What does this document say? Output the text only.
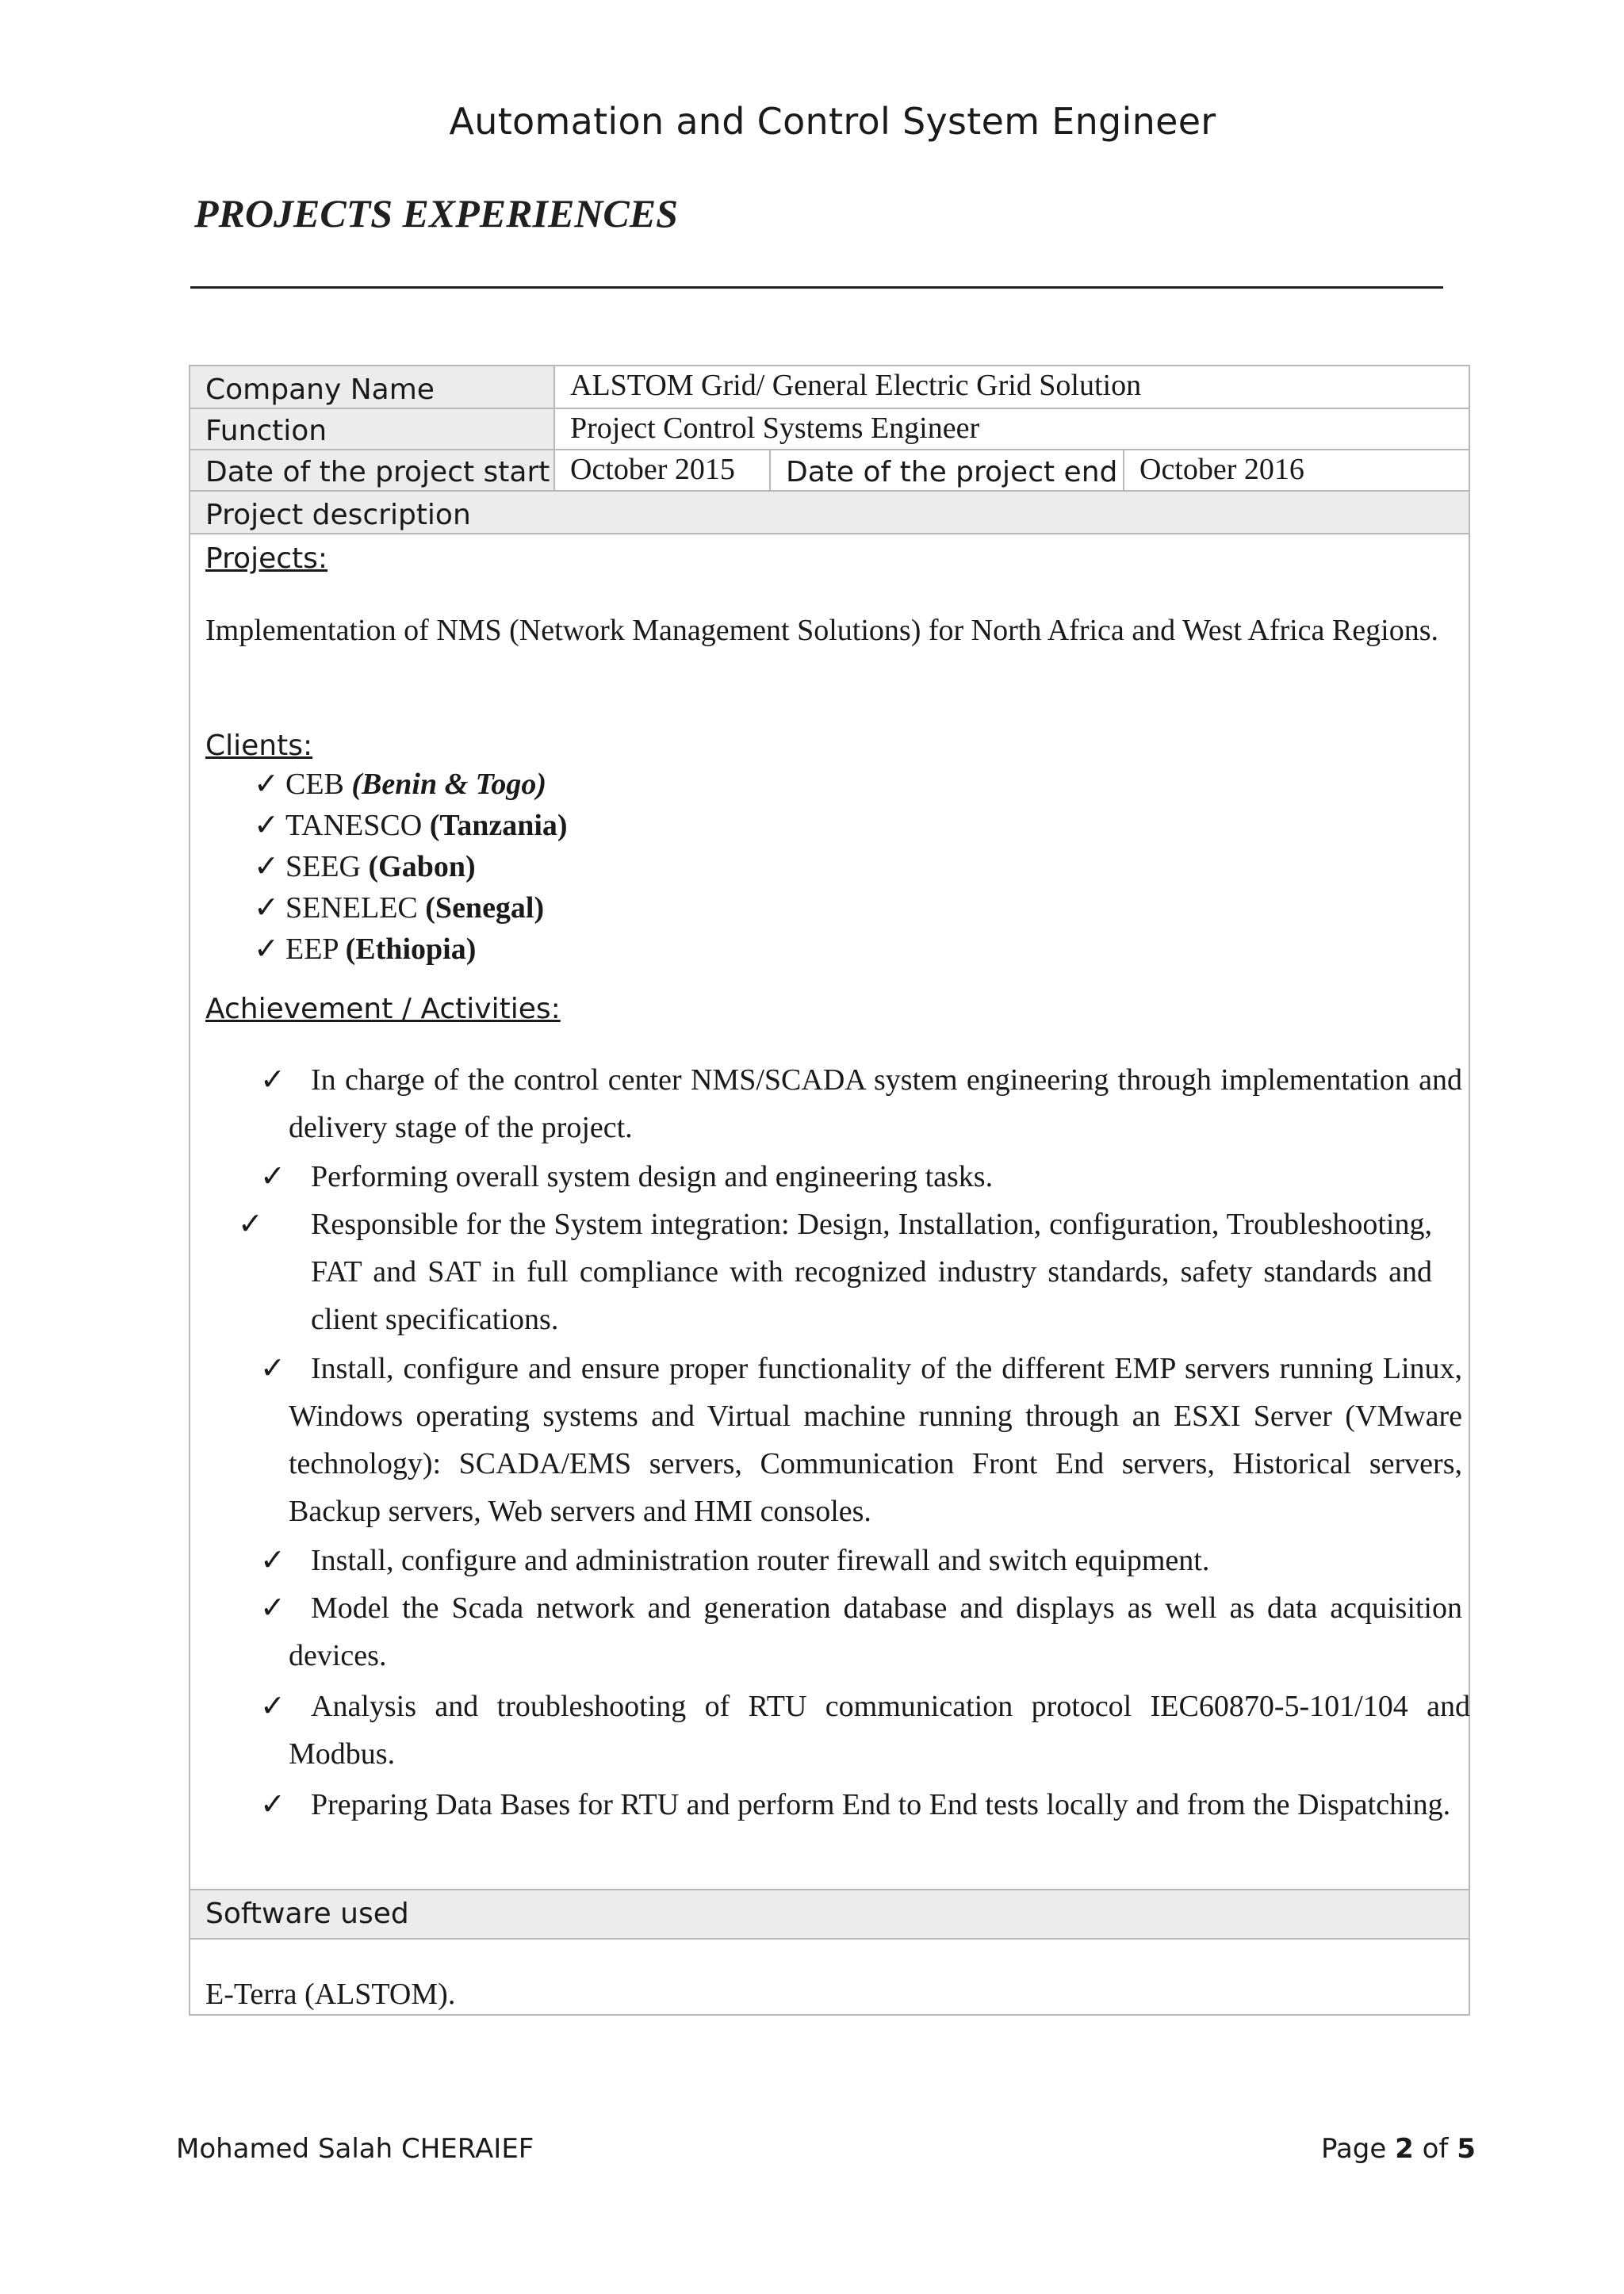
Automation and Control System Engineer
PROJECTS EXPERIENCES
Company Name	ALSTOM Grid/ General Electric Grid Solution
Function	Project Control Systems Engineer
Date of the project start October 2015 Date of the project end October 2016
Project description
Projects:
Implementation of NMS (Network Management Solutions) for North Africa and West Africa Regions.
Clients:
✓ CEB (Benin & Togo)
✓ TANESCO (Tanzania)
✓ SEEG (Gabon)
✓ SENELEC (Senegal)
✓ EEP (Ethiopia)
Achievement / Activities:
✓ In charge of the control center NMS/SCADA system engineering through implementation and delivery stage of the project.
✓ Performing overall system design and engineering tasks.
✓ Responsible for the System integration: Design, Installation, configuration, Troubleshooting, FAT and SAT in full compliance with recognized industry standards, safety standards and client specifications.
✓ Install, configure and ensure proper functionality of the different EMP servers running Linux, Windows operating systems and Virtual machine running through an ESXI Server (VMware technology): SCADA/EMS servers, Communication Front End servers, Historical servers, Backup servers, Web servers and HMI consoles.
✓ Install, configure and administration router firewall and switch equipment.
✓ Model the Scada network and generation database and displays as well as data acquisition devices.
✓ Analysis and troubleshooting of RTU communication protocol IEC60870-5-101/104 and Modbus.
✓ Preparing Data Bases for RTU and perform End to End tests locally and from the Dispatching.
Software used
E-Terra (ALSTOM).
Mohamed Salah CHERAIEF	Page 2 of 5
